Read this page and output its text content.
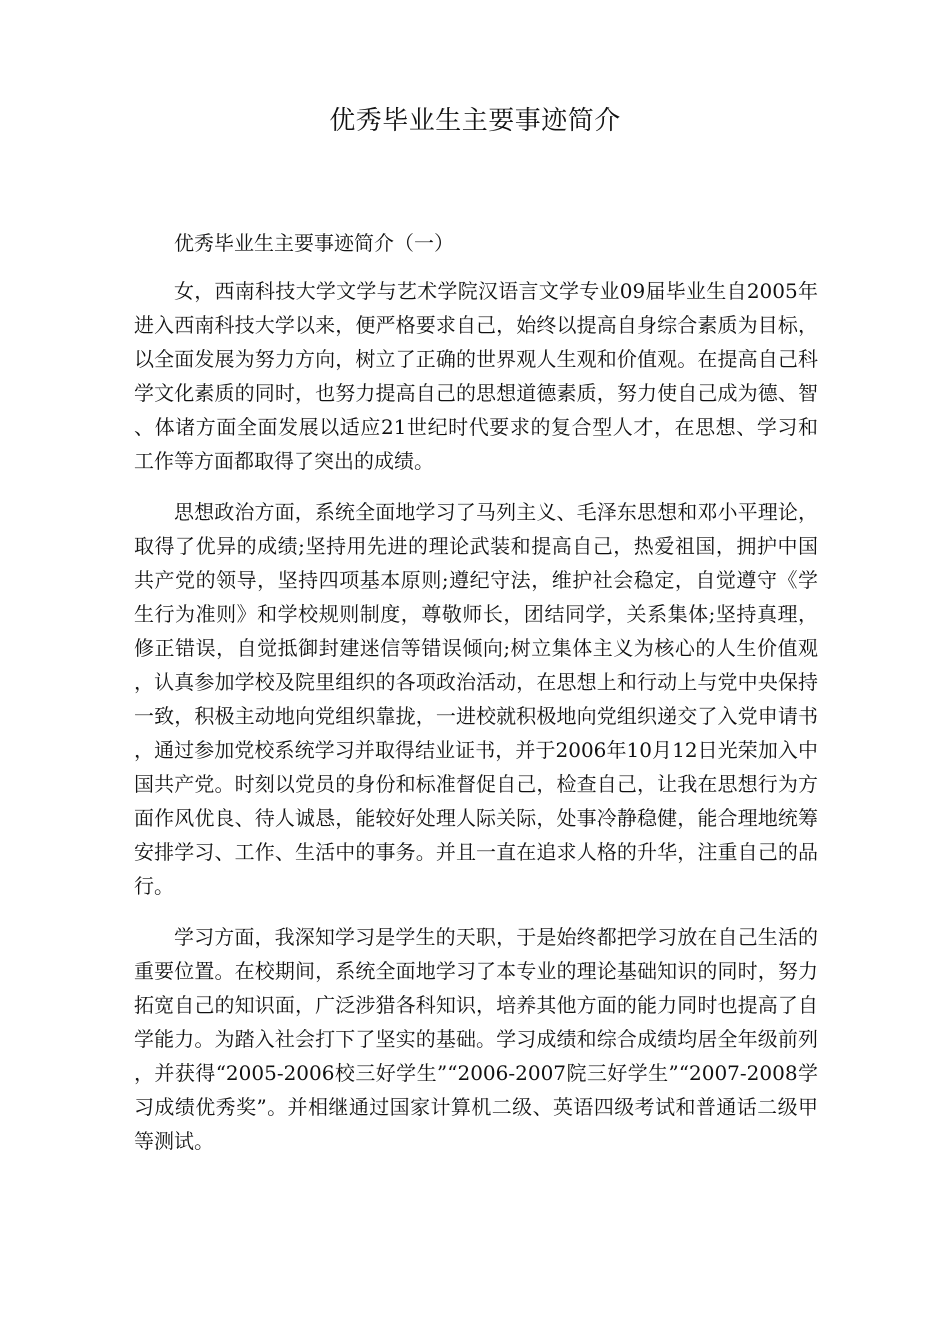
优秀毕业生主要事迹简介
优秀毕业生主要事迹简介（一）

女，西南科技大学文学与艺术学院汉语言文学专业09届毕业生自2005年进入西南科技大学以来，便严格要求自己，始终以提高自身综合素质为目标，以全面发展为努力方向，树立了正确的世界观人生观和价值观。在提高自己科学文化素质的同时，也努力提高自己的思想道德素质，努力使自己成为德、智、体诸方面全面发展以适应21世纪时代要求的复合型人才，在思想、学习和工作等方面都取得了突出的成绩。

思想政治方面，系统全面地学习了马列主义、毛泽东思想和邓小平理论，取得了优异的成绩;坚持用先进的理论武装和提高自己，热爱祖国，拥护中国共产党的领导，坚持四项基本原则;遵纪守法，维护社会稳定，自觉遵守《学生行为准则》和学校规则制度，尊敬师长，团结同学，关系集体;坚持真理，修正错误，自觉抵御封建迷信等错误倾向;树立集体主义为核心的人生价值观，认真参加学校及院里组织的各项政治活动，在思想上和行动上与党中央保持一致，积极主动地向党组织靠拢，一进校就积极地向党组织递交了入党申请书，通过参加党校系统学习并取得结业证书，并于2006年10月12日光荣加入中国共产党。时刻以党员的身份和标准督促自己，检查自己，让我在思想行为方面作风优良、待人诚恳，能较好处理人际关际，处事冷静稳健，能合理地统筹安排学习、工作、生活中的事务。并且一直在追求人格的升华，注重自己的品行。

学习方面，我深知学习是学生的天职，于是始终都把学习放在自己生活的重要位置。在校期间，系统全面地学习了本专业的理论基础知识的同时，努力拓宽自己的知识面，广泛涉猎各科知识，培养其他方面的能力同时也提高了自学能力。为踏入社会打下了坚实的基础。学习成绩和综合成绩均居全年级前列，并获得“2005-2006校三好学生”“2006-2007院三好学生”“2007-2008学习成绩优秀奖”。并相继通过国家计算机二级、英语四级考试和普通话二级甲等测试。
